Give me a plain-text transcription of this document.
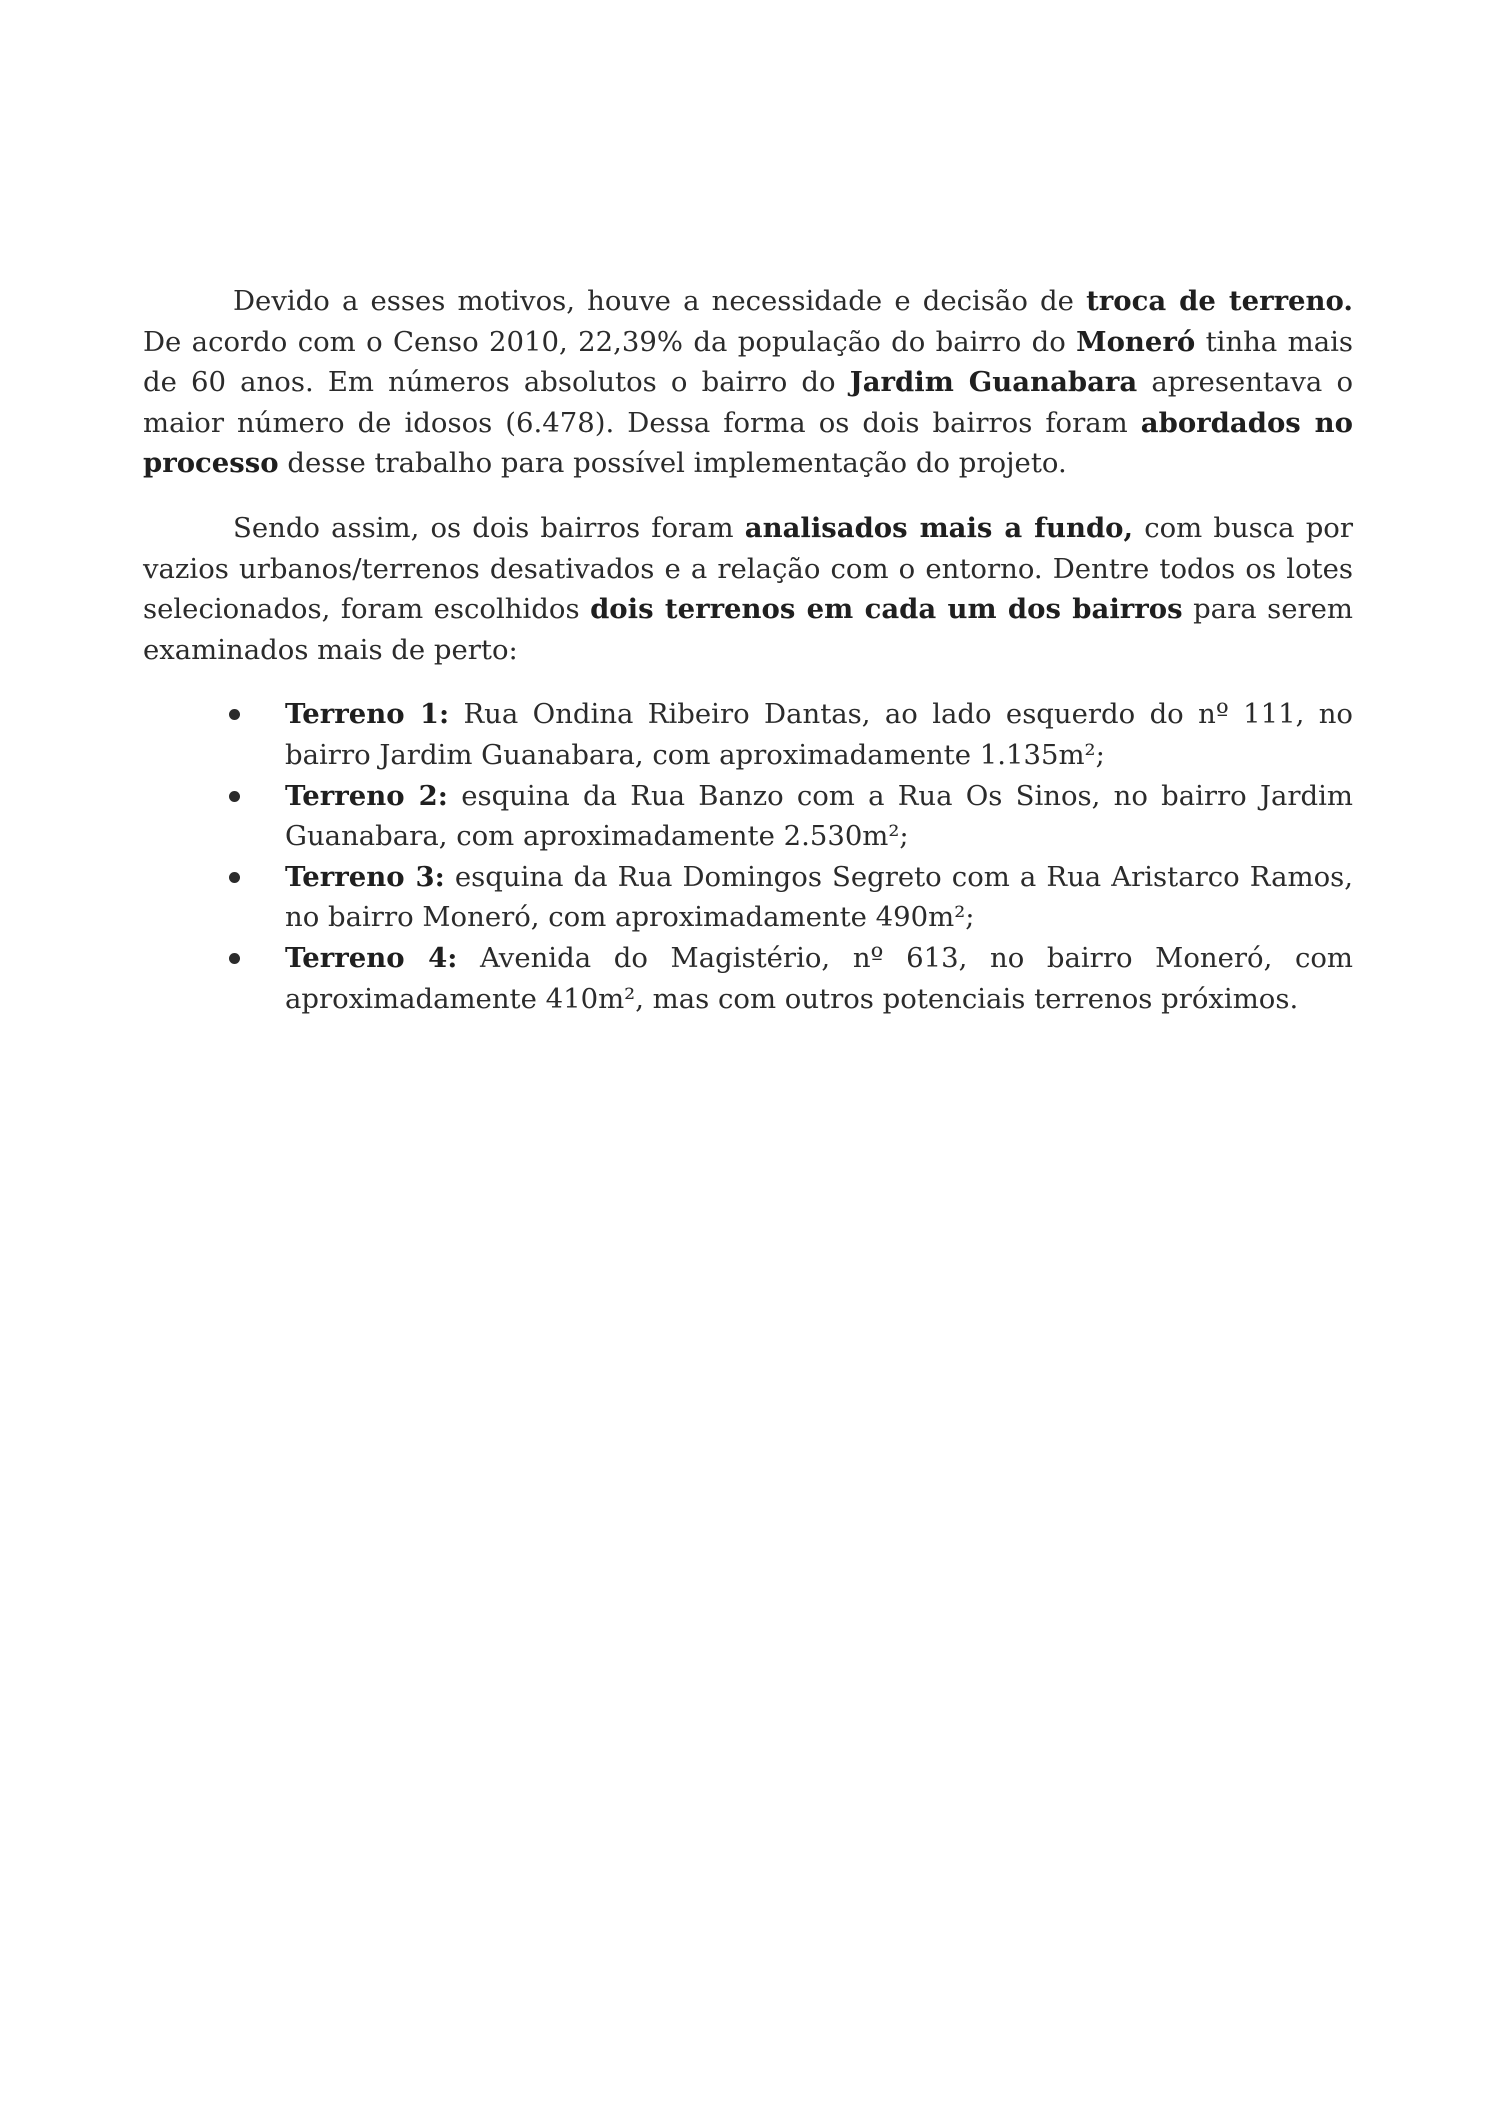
Devido a esses motivos, houve a necessidade e decisão de troca de terreno. De acordo com o Censo 2010, 22,39% da população do bairro do Moneró tinha mais de 60 anos. Em números absolutos o bairro do Jardim Guanabara apresentava o maior número de idosos (6.478). Dessa forma os dois bairros foram abordados no processo desse trabalho para possível implementação do projeto.

Sendo assim, os dois bairros foram analisados mais a fundo, com busca por vazios urbanos/terrenos desativados e a relação com o entorno. Dentre todos os lotes selecionados, foram escolhidos dois terrenos em cada um dos bairros para serem examinados mais de perto:

Terreno 1: Rua Ondina Ribeiro Dantas, ao lado esquerdo do nº 111, no bairro Jardim Guanabara, com aproximadamente 1.135m²;
Terreno 2: esquina da Rua Banzo com a Rua Os Sinos, no bairro Jardim Guanabara, com aproximadamente 2.530m²;
Terreno 3: esquina da Rua Domingos Segreto com a Rua Aristarco Ramos, no bairro Moneró, com aproximadamente 490m²;
Terreno 4: Avenida do Magistério, nº 613, no bairro Moneró, com aproximadamente 410m², mas com outros potenciais terrenos próximos.
